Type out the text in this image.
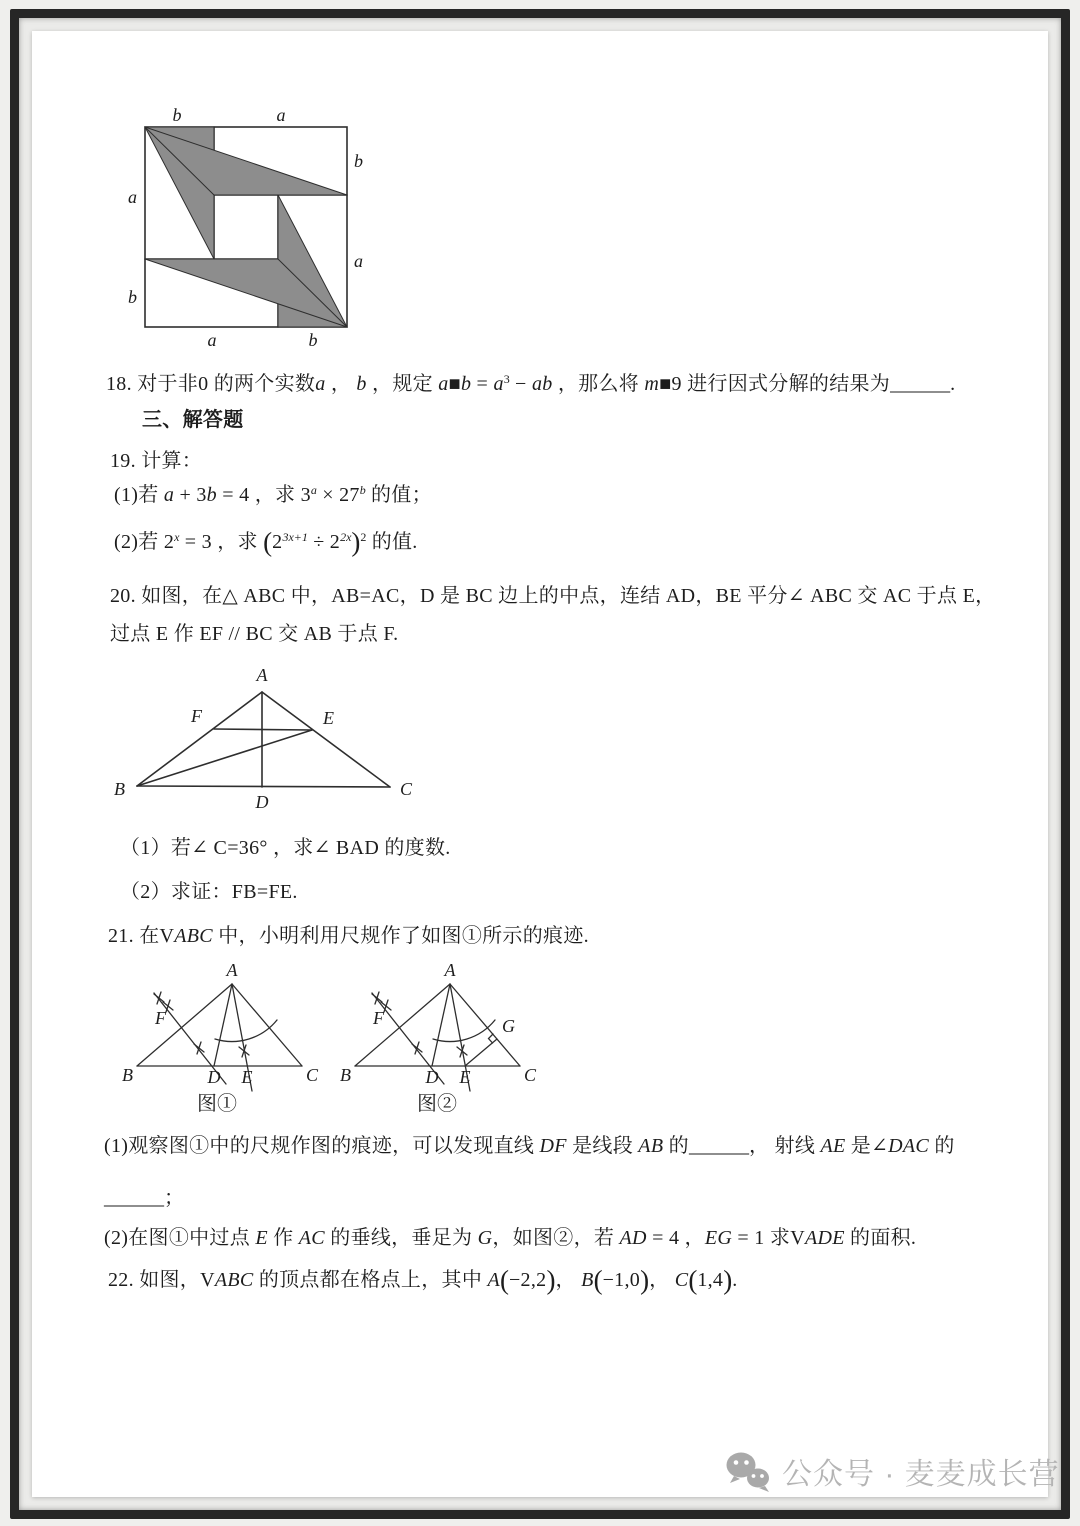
b	a
b
a
a
b
a	b
18. 对于非0 的两个实数a ， b ，规定 a■b = $a^3$ − ab ，那么将 m■9 进行因式分解的结果为______.
三、解答题
19. 计算：
(1)若 a + 3b = 4 ，求 $3^a \times 27^b$ 的值；
(2)若 $2^x = 3$ ，求 $(2^{3x+1} \div 2^{2x})^2$ 的值.
20. 如图，在△ ABC 中，AB=AC，D 是 BC 边上的中点，连结 AD，BE 平分∠ ABC 交 AC 于点 E，
过点 E 作 EF // BC 交 AB 于点 F.
A
B	C
D
E
F
（1）若∠ C=36° ，求∠ BAD 的度数.
（2）求证：FB=FE.
21. 在VABC 中，小明利用尺规作了如图①所示的痕迹.
A
B	C
D E
F
图①
A
B	C
D E
F	G
图②
(1)观察图①中的尺规作图的痕迹，可以发现直线 DF 是线段 AB 的______， 射线 AE 是∠DAC 的
______；
(2)在图①中过点 E 作 AC 的垂线，垂足为 G，如图②，若 AD = 4 ，EG = 1 求VADE 的面积.
22. 如图，VABC 的顶点都在格点上，其中 A(−2,2)， B(−1,0)， C(1,4).
公众号 · 麦麦成长营
